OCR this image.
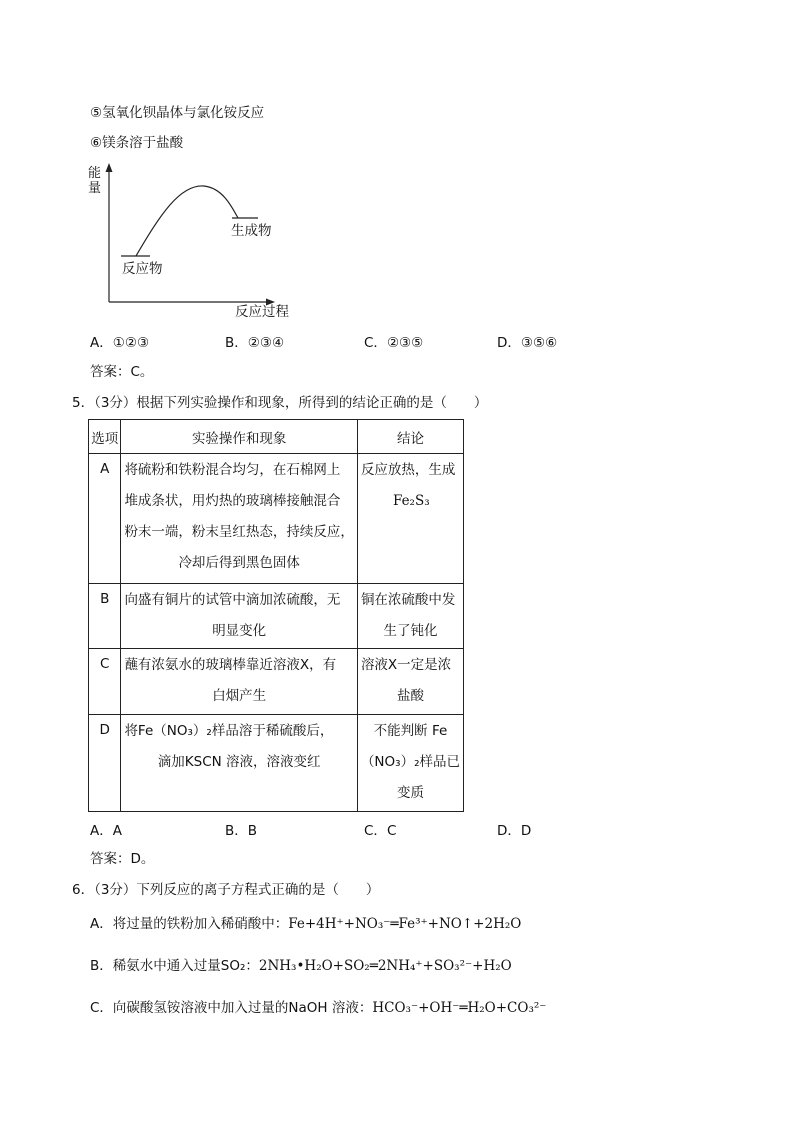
⑤氢氧化钡晶体与氯化铵反应
⑥镁条溶于盐酸
能
量
生成物
反应物
反应过程
A．①②③	B．②③④	C．②③⑤	D．③⑤⑥
答案：C。
5．（3分）根据下列实验操作和现象，所得到的结论正确的是（　　）
选项	实验操作和现象	结论

A	将硫粉和铁粉混合均匀，在石棉网上
堆成条状，用灼热的玻璃棒接触混合
粉末一端，粉末呈红热态，持续反应，
冷却后得到黑色固体	反应放热，生成
Fe₂S₃

B	向盛有铜片的试管中滴加浓硫酸，无
明显变化	铜在浓硫酸中发
生了钝化

C	蘸有浓氨水的玻璃棒靠近溶液X，有
白烟产生	溶液X一定是浓
盐酸

D	将Fe（NO₃）₂样品溶于稀硫酸后，
滴加KSCN 溶液，溶液变红	不能判断 Fe
（NO₃）₂样品已
变质
A．A	B．B	C．C	D．D
答案：D。
6．（3分）下列反应的离子方程式正确的是（　　）
A．将过量的铁粉加入稀硝酸中：Fe+4H⁺+NO₃⁻═Fe³⁺+NO↑+2H₂O
B．稀氨水中通入过量SO₂：2NH₃•H₂O+SO₂═2NH₄⁺+SO₃²⁻+H₂O
C．向碳酸氢铵溶液中加入过量的NaOH 溶液：HCO₃⁻+OH⁻═H₂O+CO₃²⁻
